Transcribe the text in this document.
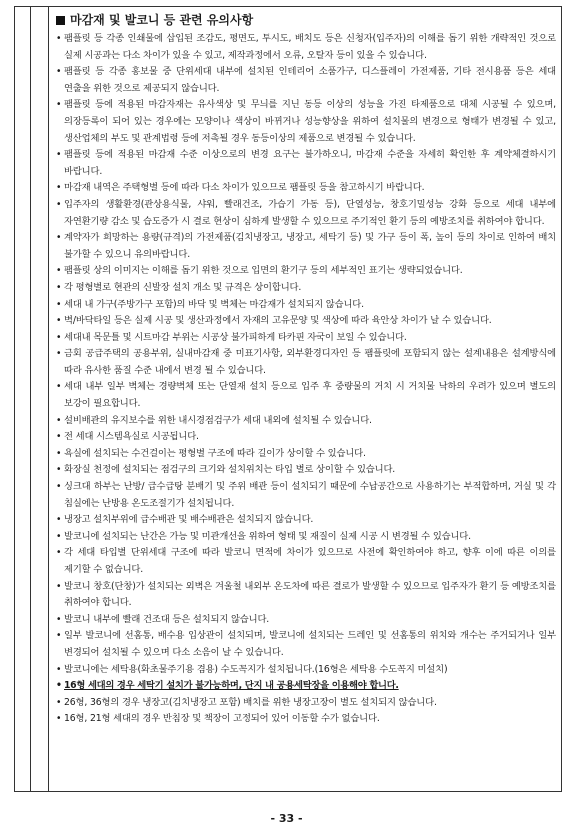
마감재 및 발코니 등 관련 유의사항
• 팸플릿 등 각종 인쇄물에 삽입된 조감도, 평면도, 투시도, 배치도 등은 신청자(입주자)의 이해를 돕기 위한 개략적인 것으로 실제 시공과는 다소 차이가 있을 수 있고, 제작과정에서 오류, 오탈자 등이 있을 수 있습니다.
• 팸플릿 등 각종 홍보물 중 단위세대 내부에 설치된 인테리어 소품가구, 디스플레이 가전제품, 기타 전시용품 등은 세대 연출을 위한 것으로 제공되지 않습니다.
• 팸플릿 등에 적용된 마감자재는 유사색상 및 무늬를 지닌 동등 이상의 성능을 가진 타제품으로 대체 시공될 수 있으며, 의장등록이 되어 있는 경우에는 모양이나 색상이 바뀌거나 성능향상을 위하여 설치물의 변경으로 형태가 변경될 수 있고, 생산업체의 부도 및 관계법령 등에 저촉될 경우 동등이상의 제품으로 변경될 수 있습니다.
• 팸플릿 등에 적용된 마감재 수준 이상으로의 변경 요구는 불가하오니, 마감재 수준을 자세히 확인한 후 계약체결하시기 바랍니다.
• 마감재 내역은 주택형별 등에 따라 다소 차이가 있으므로 팸플릿 등을 참고하시기 바랍니다.
• 입주자의 생활환경(관상용식물, 샤워, 빨래건조, 가습기 가동 등), 단열성능, 창호기밀성능 강화 등으로 세대 내부에 자연환기량 감소 및 습도증가 시 결로 현상이 심하게 발생할 수 있으므로 주기적인 환기 등의 예방조치를 취하여야 합니다.
• 계약자가 희망하는 용량(규격)의 가전제품(김치냉장고, 냉장고, 세탁기 등) 및 가구 등이 폭, 높이 등의 차이로 인하여 배치 불가할 수 있으니 유의바랍니다.
• 팸플릿 상의 이미지는 이해를 돕기 위한 것으로 입면의 환기구 등의 세부적인 표기는 생략되었습니다.
• 각 평형별로 현관의 신발장 설치 개소 및 규격은 상이합니다.
• 세대 내 가구(주방가구 포함)의 바닥 및 벽체는 마감재가 설치되지 않습니다.
• 벽/바닥타일 등은 실제 시공 및 생산과정에서 자재의 고유문양 및 색상에 따라 육안상 차이가 날 수 있습니다.
• 세대내 목문틀 및 시트마감 부위는 시공상 불가피하게 타카핀 자국이 보일 수 있습니다.
• 금회 공급주택의 공용부위, 실내마감재 중 미표기사항, 외부환경디자인 등 팸플릿에 포함되지 않는 설계내용은 설계방식에 따라 유사한 품질 수준 내에서 변경 될 수 있습니다.
• 세대 내부 일부 벽체는 경량벽체 또는 단열재 설치 등으로 입주 후 중량물의 거치 시 거치물 낙하의 우려가 있으며 별도의 보강이 필요합니다.
• 설비배관의 유지보수를 위한 내시경점검구가 세대 내외에 설치될 수 있습니다.
• 전 세대 시스템욕실로 시공됩니다.
• 욕실에 설치되는 수건걸이는 평형별 구조에 따라 길이가 상이할 수 있습니다.
• 화장실 천정에 설치되는 점검구의 크기와 설치위치는 타입 별로 상이할 수 있습니다.
• 싱크대 하부는 난방/ 급수급탕 분배기 및 주위 배관 등이 설치되기 때문에 수납공간으로 사용하기는 부적합하며, 거실 및 각 침실에는 난방용 온도조절기가 설치됩니다.
• 냉장고 설치부위에 급수배관 및 배수배관은 설치되지 않습니다.
• 발코니에 설치되는 난간은 가능 및 미관개선을 위하여 형태 및 재질이 실제 시공 시 변경될 수 있습니다.
• 각 세대 타입별 단위세대 구조에 따라 발코니 면적에 차이가 있으므로 사전에 확인하여야 하고, 향후 이에 따른 이의를 제기할 수 없습니다.
• 발코니 창호(단창)가 설치되는 외벽은 겨울철 내외부 온도차에 따른 결로가 발생할 수 있으므로 입주자가 환기 등 예방조치를 취하여야 합니다.
• 발코니 내부에 빨래 건조대 등은 설치되지 않습니다.
• 일부 발코니에 선홈통, 배수용 입상관이 설치되며, 발코니에 설치되는 드레인 및 선홈통의 위치와 개수는 주거되거나 일부 변경되어 설치될 수 있으며 다소 소음이 날 수 있습니다.
• 발코니에는 세탁용(화초물주기용 겸용) 수도꼭지가 설치됩니다.(16형은 세탁용 수도꼭지 미설치)
• 16형 세대의 경우 세탁기 설치가 불가능하며, 단지 내 공용세탁장을 이용해야 합니다.
• 26형, 36형의 경우 냉장고(김치냉장고 포함) 배치를 위한 냉장고장이 별도 설치되지 않습니다.
• 16형, 21형 세대의 경우 반침장 및 책장이 고정되어 있어 이동할 수가 없습니다.
- 33 -
